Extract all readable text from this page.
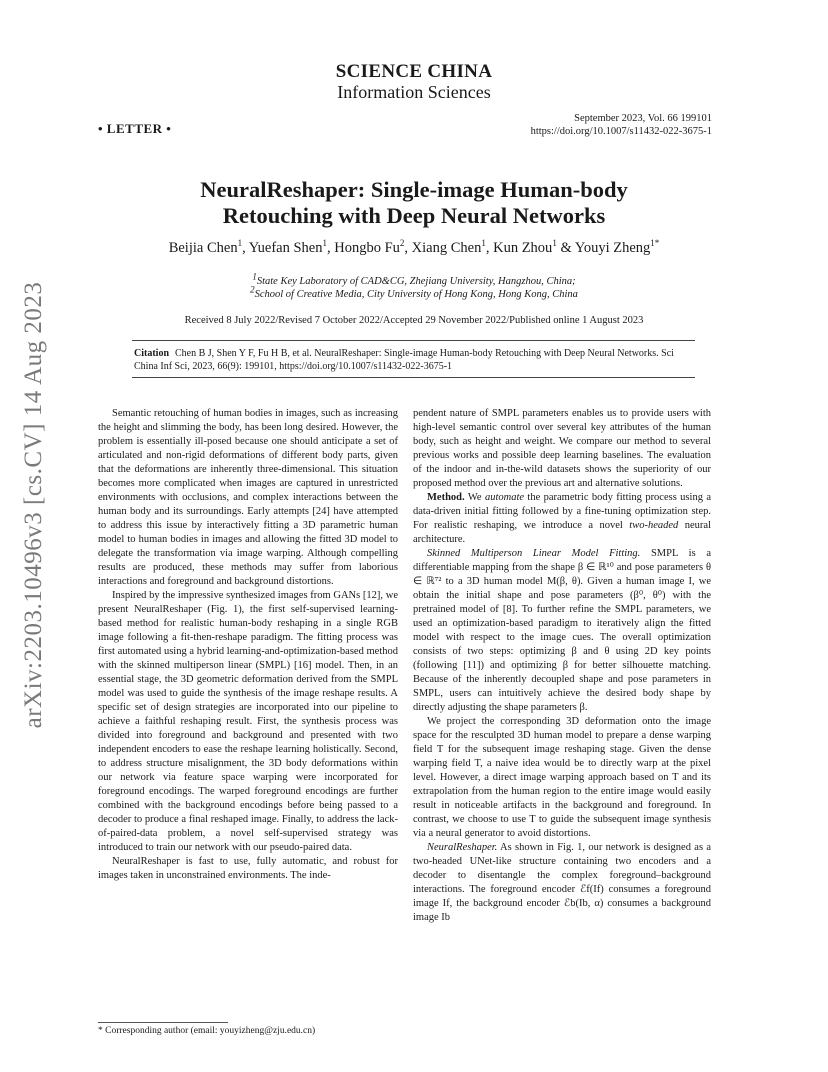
arXiv:2203.10496v3 [cs.CV] 14 Aug 2023
SCIENCE CHINA
Information Sciences
• LETTER •
September 2023, Vol. 66 199101
https://doi.org/10.1007/s11432-022-3675-1
NeuralReshaper: Single-image Human-body
Retouching with Deep Neural Networks
Beijia Chen$^1$, Yuefan Shen$^1$, Hongbo Fu$^2$, Xiang Chen$^1$, Kun Zhou$^1$ & Youyi Zheng$^{1*}$
$^1$State Key Laboratory of CAD&CG, Zhejiang University, Hangzhou, China;
$^2$School of Creative Media, City University of Hong Kong, Hong Kong, China
Received 8 July 2022/Revised 7 October 2022/Accepted 29 November 2022/Published online 1 August 2023
Citation Chen B J, Shen Y F, Fu H B, et al. NeuralReshaper: Single-image Human-body Retouching with Deep Neural Networks. Sci China Inf Sci, 2023, 66(9): 199101, https://doi.org/10.1007/s11432-022-3675-1

Semantic retouching of human bodies in images, such as increasing the height and slimming the body, has been long desired. However, the problem is essentially ill-posed because one should anticipate a set of articulated and non-rigid deformations of different body parts, given that the deformations are inherently three-dimensional. This situation becomes more complicated when images are captured in unrestricted environments with occlusions, and complex interactions between the human body and its surroundings. Early attempts [24] have attempted to address this issue by interactively fitting a 3D parametric human model to human bodies in images and allowing the fitted 3D model to delegate the transformation via image warping. Although compelling results are produced, these methods may suffer from laborious interactions and foreground and background distortions.

Inspired by the impressive synthesized images from GANs [12], we present NeuralReshaper (Fig. 1), the first self-supervised learning-based method for realistic human-body reshaping in a single RGB image following a fit-then-reshape paradigm. The fitting process was first automated using a hybrid learning-and-optimization-based method with the skinned multiperson linear (SMPL) [16] model. Then, in an essential stage, the 3D geometric deformation derived from the SMPL model was used to guide the synthesis of the image reshape results. A specific set of design strategies are incorporated into our pipeline to achieve a faithful reshaping result. First, the synthesis process was divided into foreground and background and presented with two independent encoders to ease the reshape learning holistically. Second, to address structure misalignment, the 3D body deformations within our network via feature space warping were incorporated for foreground encodings. The warped foreground encodings are further combined with the background encodings before being passed to a decoder to produce a final reshaped image. Finally, to address the lack-of-paired-data problem, a novel self-supervised strategy was introduced to train our network with our pseudo-paired data.

NeuralReshaper is fast to use, fully automatic, and robust for images taken in unconstrained environments. The inde-

pendent nature of SMPL parameters enables us to provide users with high-level semantic control over several key attributes of the human body, such as height and weight. We compare our method to several previous works and possible deep learning baselines. The evaluation of the indoor and in-the-wild datasets shows the superiority of our proposed method over the previous art and alternative solutions.

Method. We automate the parametric body fitting process using a data-driven initial fitting followed by a fine-tuning optimization step. For realistic reshaping, we introduce a novel two-headed neural architecture.

Skinned Multiperson Linear Model Fitting. SMPL is a differentiable mapping from the shape β ∈ ℝ¹⁰ and pose parameters θ ∈ ℝ⁷² to a 3D human model M(β, θ). Given a human image I, we obtain the initial shape and pose parameters (β⁰, θ⁰) with the pretrained model of [8]. To further refine the SMPL parameters, we used an optimization-based paradigm to iteratively align the fitted model with respect to the image cues. The overall optimization consists of two steps: optimizing β and θ using 2D key points (following [11]) and optimizing β for better silhouette matching. Because of the inherently decoupled shape and pose parameters in SMPL, users can intuitively achieve the desired body shape by directly adjusting the shape parameters β.

We project the corresponding 3D deformation onto the image space for the resculpted 3D human model to prepare a dense warping field T for the subsequent image reshaping stage. Given the dense warping field T, a naive idea would be to directly warp at the pixel level. However, a direct image warping approach based on T and its extrapolation from the human region to the entire image would easily result in noticeable artifacts in the background and foreground. In contrast, we choose to use T to guide the subsequent image synthesis via a neural generator to avoid distortions.

NeuralReshaper. As shown in Fig. 1, our network is designed as a two-headed UNet-like structure containing two encoders and a decoder to disentangle the complex foreground–background interactions. The foreground encoder ℰf(If) consumes a foreground image If, the background encoder ℰb(Ib, α) consumes a background image Ib

* Corresponding author (email: youyizheng@zju.edu.cn)
